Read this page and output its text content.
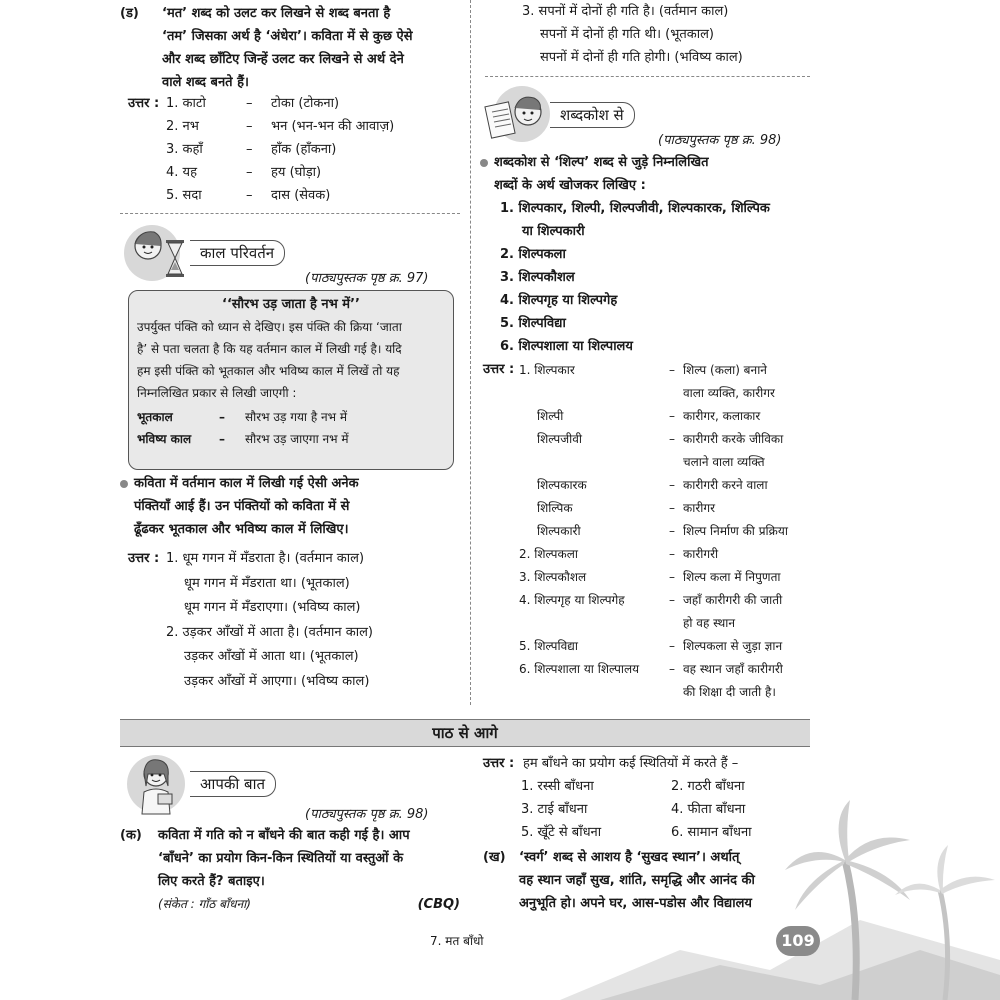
(ड)	‘मत’ शब्द को उलट कर लिखने से शब्द बनता है
‘तम’ जिसका अर्थ है ‘अंधेरा’। कविता में से कुछ ऐसे
और शब्द छाँटिए जिन्हें उलट कर लिखने से अर्थ देने
वाले शब्द बनते हैं।
उत्तर : 1. काटो	–	टोका (टोकना)
2. नभ	–	भन (भन-भन की आवाज़)
3. कहाँ	–	हाँक (हाँकना)
4. यह	–	हय (घोड़ा)
5. सदा	–	दास (सेवक)
काल परिवर्तन
(पाठ्यपुस्तक पृष्ठ क्र. 97)
‘‘सौरभ उड़ जाता है नभ में’’
उपर्युक्त पंक्ति को ध्यान से देखिए। इस पंक्ति की क्रिया ‘जाता
है’ से पता चलता है कि यह वर्तमान काल में लिखी गई है। यदि
हम इसी पंक्ति को भूतकाल और भविष्य काल में लिखें तो यह
निम्नलिखित प्रकार से लिखी जाएगी :
भूतकाल	–	सौरभ उड़ गया है नभ में
भविष्य काल	–	सौरभ उड़ जाएगा नभ में
कविता में वर्तमान काल में लिखी गई ऐसी अनेक
पंक्तियाँ आई हैं। उन पंक्तियों को कविता में से
ढूँढकर भूतकाल और भविष्य काल में लिखिए।
उत्तर : 1. धूम गगन में मँडराता है। (वर्तमान काल)
धूम गगन में मँडराता था। (भूतकाल)
धूम गगन में मँडराएगा। (भविष्य काल)
2. उड़कर आँखों में आता है। (वर्तमान काल)
उड़कर आँखों में आता था। (भूतकाल)
उड़कर आँखों में आएगा। (भविष्य काल)
3. सपनों में दोनों ही गति है। (वर्तमान काल)
सपनों में दोनों ही गति थी। (भूतकाल)
सपनों में दोनों ही गति होगी। (भविष्य काल)
शब्दकोश से
(पाठ्यपुस्तक पृष्ठ क्र. 98)
शब्दकोश से ‘शिल्प’ शब्द से जुड़े निम्नलिखित
शब्दों के अर्थ खोजकर लिखिए :
1. शिल्पकार, शिल्पी, शिल्पजीवी, शिल्पकारक, शिल्पिक
या शिल्पकारी
2. शिल्पकला
3. शिल्पकौशल
4. शिल्पगृह या शिल्पगेह
5. शिल्पविद्या
6. शिल्पशाला या शिल्पालय
उत्तर : 1. शिल्पकार	– शिल्प (कला) बनाने
वाला व्यक्ति, कारीगर
शिल्पी	– कारीगर, कलाकार
शिल्पजीवी	– कारीगरी करके जीविका
चलाने वाला व्यक्ति
शिल्पकारक	– कारीगरी करने वाला
शिल्पिक	– कारीगर
शिल्पकारी	– शिल्प निर्माण की प्रक्रिया
2. शिल्पकला	– कारीगरी
3. शिल्पकौशल	– शिल्प कला में निपुणता
4. शिल्पगृह या शिल्पगेह	– जहाँ कारीगरी की जाती
हो वह स्थान
5. शिल्पविद्या	– शिल्पकला से जुड़ा ज्ञान
6. शिल्पशाला या शिल्पालय	– वह स्थान जहाँ कारीगरी
की शिक्षा दी जाती है।
पाठ से आगे
आपकी बात
(पाठ्यपुस्तक पृष्ठ क्र. 98)
(क)	कविता में गति को न बाँधने की बात कही गई है। आप
‘बाँधने’ का प्रयोग किन-किन स्थितियों या वस्तुओं के
लिए करते हैं? बताइए।
(संकेत : गाँठ बाँधना)	(CBQ)
उत्तर : हम बाँधने का प्रयोग कई स्थितियों में करते हैं –
1. रस्सी बाँधना	2. गठरी बाँधना
3. टाई बाँधना	4. फीता बाँधना
5. खूँटे से बाँधना	6. सामान बाँधना
(ख)	‘स्वर्ग’ शब्द से आशय है ‘सुखद स्थान’। अर्थात्
वह स्थान जहाँ सुख, शांति, समृद्धि और आनंद की
अनुभूति हो। अपने घर, आस-पडोस और विद्यालय
7. मत बाँधो	109
